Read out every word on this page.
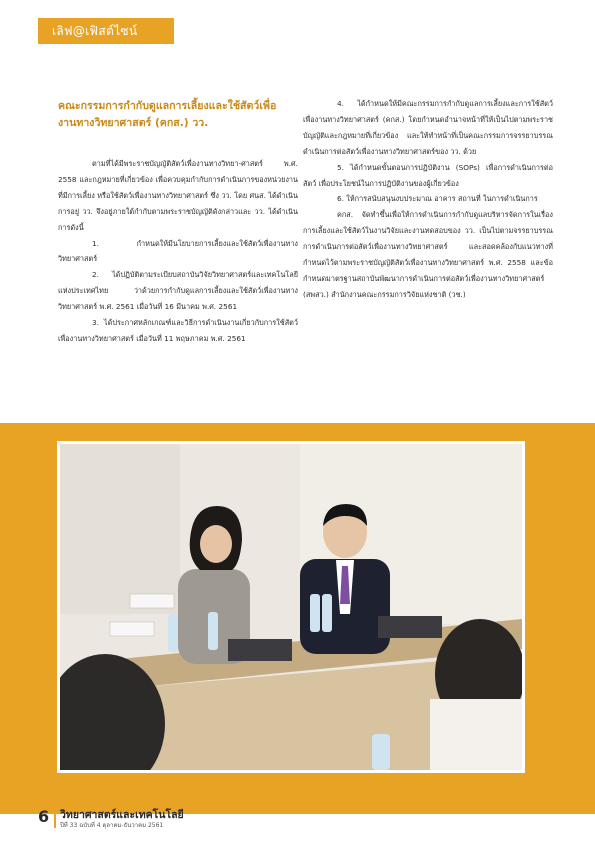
เลิฟ@เฟิสต์ไซน์
คณะกรรมการกำกับดูแลการเลี้ยงและใช้สัตว์เพื่องานทางวิทยาศาสตร์ (คกส.) วว.

ตามที่ได้มีพระราชบัญญัติสัตว์เพื่องานทางวิทยา-ศาสตร์ พ.ศ. 2558 และกฎหมายที่เกี่ยวข้อง เพื่อควบคุมกำกับการดำเนินการของหน่วยงานที่มีการเลี้ยง หรือใช้สัตว์เพื่องานทางวิทยาศาสตร์ ซึ่ง วว. โดย ศนส. ได้ดำเนินการอยู่ วว. จึงอยู่ภายใต้กำกับตามพระราชบัญญัติดังกล่าวและ วว. ได้ดำเนินการดังนี้

1. กำหนดให้มีนโยบายการเลี้ยงและใช้สัตว์เพื่องานทางวิทยาศาสตร์

2. ได้ปฏิบัติตามระเบียบสถาบันวิจัยวิทยาศาสตร์และเทคโนโลยีแห่งประเทศไทย ว่าด้วยการกำกับดูแลการเลี้ยงและใช้สัตว์เพื่องานทางวิทยาศาสตร์ พ.ศ. 2561 เมื่อวันที่ 16 มีนาคม พ.ศ. 2561

3. ได้ประกาศหลักเกณฑ์และวิธีการดำเนินงานเกี่ยวกับการใช้สัตว์เพื่องานทางวิทยาศาสตร์ เมื่อวันที่ 11 พฤษภาคม พ.ศ. 2561

4. ได้กำหนดให้มีคณะกรรมการกำกับดูแลการเลี้ยงและการใช้สัตว์เพื่องานทางวิทยาศาสตร์ (คกส.) โดยกำหนดอำนาจหน้าที่ให้เป็นไปตามพระราชบัญญัติและกฎหมายที่เกี่ยวข้อง และให้ทำหน้าที่เป็นคณะกรรมการจรรยาบรรณดำเนินการต่อสัตว์เพื่องานทางวิทยาศาสตร์ของ วว. ด้วย

5. ได้กำหนดขั้นตอนการปฏิบัติงาน (SOPs) เพื่อการดำเนินการต่อสัตว์ เพื่อประโยชน์ในการปฏิบัติงานของผู้เกี่ยวข้อง

6. ให้การสนับสนุนงบประมาณ อาคาร สถานที่ ในการดำเนินการ

คกส. จัดทำขึ้นเพื่อให้การดำเนินการกำกับดูแลบริหารจัดการในเรื่องการเลี้ยงและใช้สัตว์ในงานวิจัยและงานทดสอบของ วว. เป็นไปตามจรรยาบรรณการดำเนินการต่อสัตว์เพื่องานทางวิทยาศาสตร์ และสอดคล้องกับแนวทางที่กำหนดไว้ตามพระราชบัญญัติสัตว์เพื่องานทางวิทยาศาสตร์ พ.ศ. 2558 และข้อกำหนดมาตรฐานสถาบันพัฒนาการดำเนินการต่อสัตว์เพื่องานทางวิทยาศาสตร์ (สพสว.) สำนักงานคณะกรรมการวิจัยแห่งชาติ (วช.)

6 วิทยาศาสตร์และเทคโนโลยี
ปีที่ 33 ฉบับที่ 4 ตุลาคม-ธันวาคม 2561
